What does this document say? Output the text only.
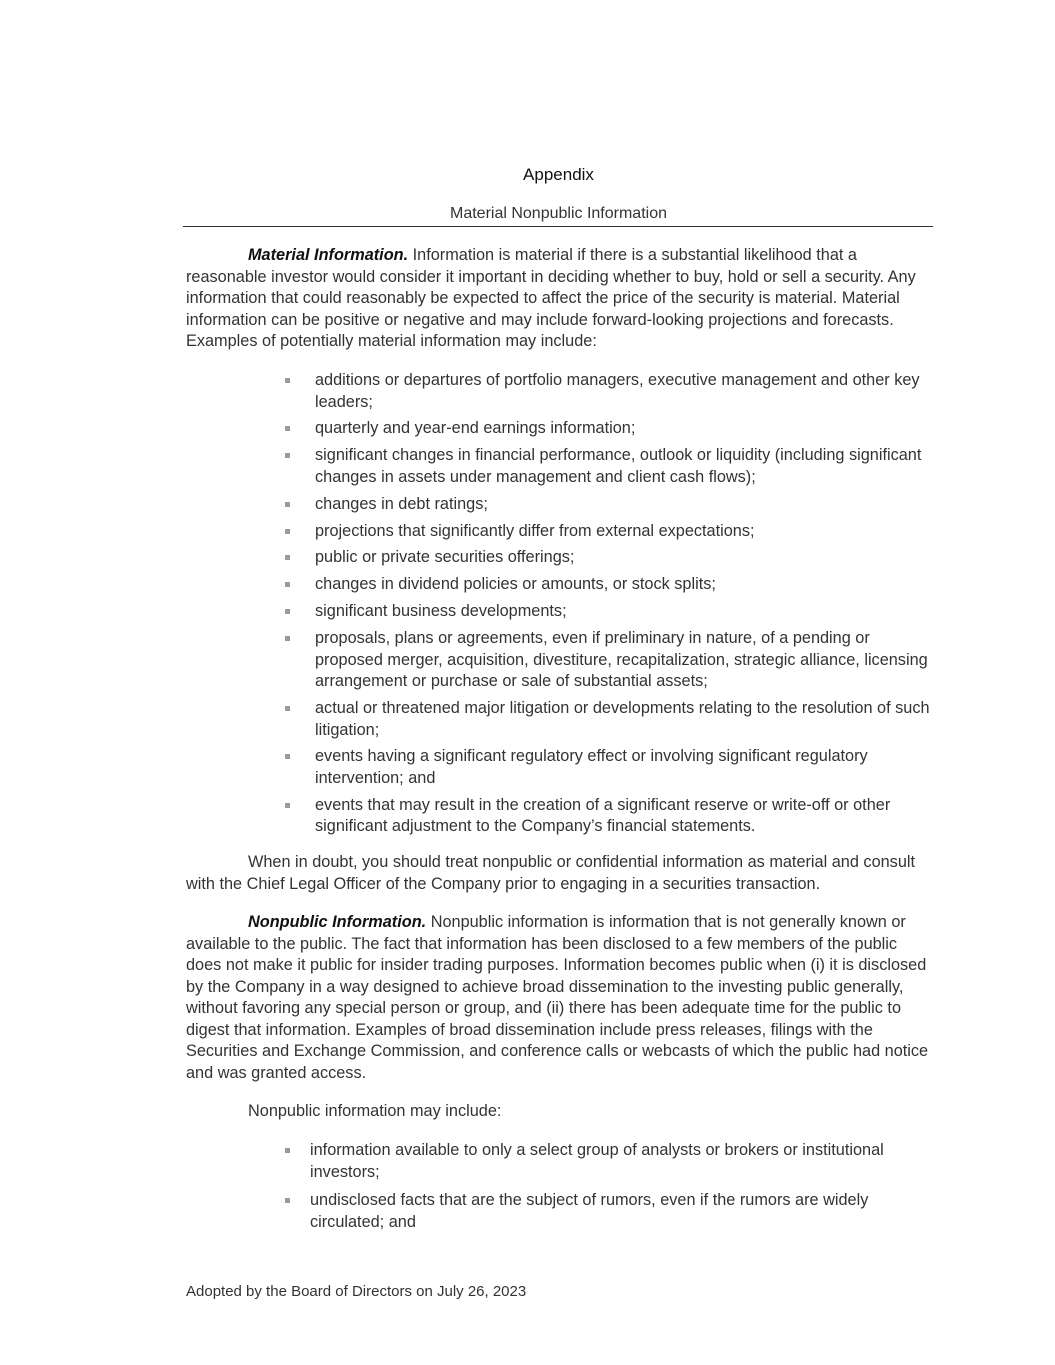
Appendix
Material Nonpublic Information
Material Information. Information is material if there is a substantial likelihood that a reasonable investor would consider it important in deciding whether to buy, hold or sell a security. Any information that could reasonably be expected to affect the price of the security is material. Material information can be positive or negative and may include forward-looking projections and forecasts. Examples of potentially material information may include:
additions or departures of portfolio managers, executive management and other key leaders;
quarterly and year-end earnings information;
significant changes in financial performance, outlook or liquidity (including significant changes in assets under management and client cash flows);
changes in debt ratings;
projections that significantly differ from external expectations;
public or private securities offerings;
changes in dividend policies or amounts, or stock splits;
significant business developments;
proposals, plans or agreements, even if preliminary in nature, of a pending or proposed merger, acquisition, divestiture, recapitalization, strategic alliance, licensing arrangement or purchase or sale of substantial assets;
actual or threatened major litigation or developments relating to the resolution of such litigation;
events having a significant regulatory effect or involving significant regulatory intervention; and
events that may result in the creation of a significant reserve or write-off or other significant adjustment to the Company’s financial statements.
When in doubt, you should treat nonpublic or confidential information as material and consult with the Chief Legal Officer of the Company prior to engaging in a securities transaction.
Nonpublic Information. Nonpublic information is information that is not generally known or available to the public. The fact that information has been disclosed to a few members of the public does not make it public for insider trading purposes. Information becomes public when (i) it is disclosed by the Company in a way designed to achieve broad dissemination to the investing public generally, without favoring any special person or group, and (ii) there has been adequate time for the public to digest that information. Examples of broad dissemination include press releases, filings with the Securities and Exchange Commission, and conference calls or webcasts of which the public had notice and was granted access.
Nonpublic information may include:
information available to only a select group of analysts or brokers or institutional investors;
undisclosed facts that are the subject of rumors, even if the rumors are widely circulated; and
Adopted by the Board of Directors on July 26, 2023
